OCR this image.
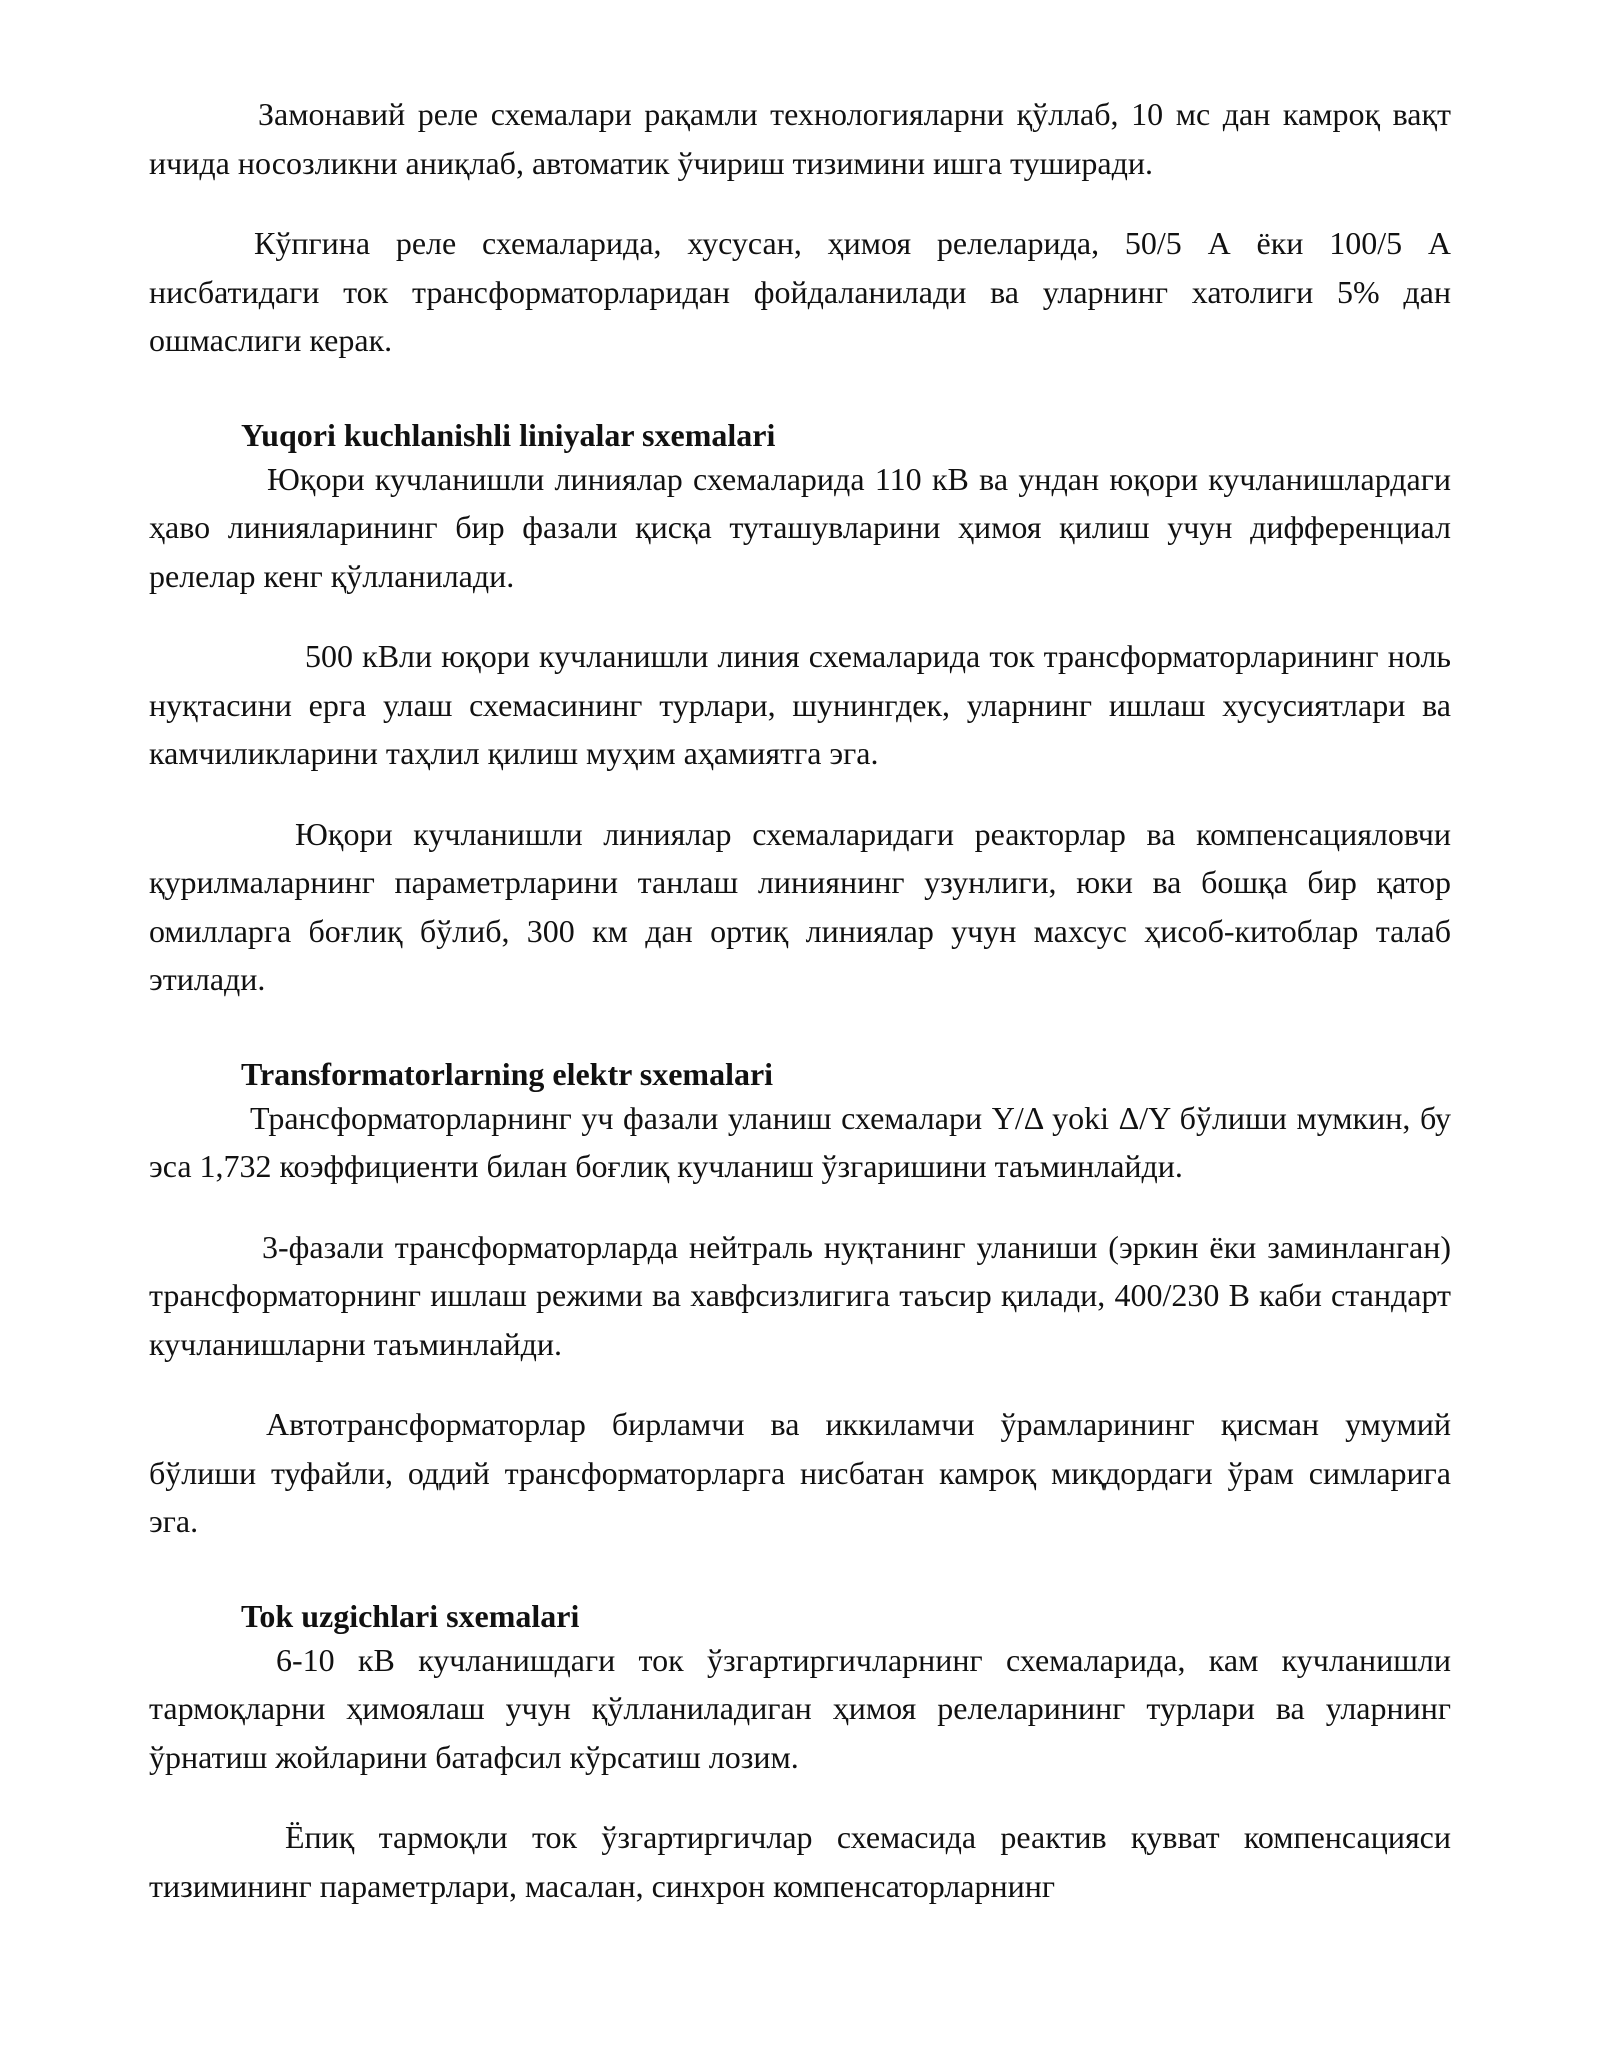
Замонавий реле схемалари рақамли технологияларни қўллаб, 10 мс дан камроқ вақт ичида носозликни аниқлаб, автоматик ўчириш тизимини ишга туширади.

Кўпгина реле схемаларида, хусусан, ҳимоя релеларида, 50/5 А ёки 100/5 А нисбатидаги ток трансформаторларидан фойдаланилади ва уларнинг хатолиги 5% дан ошмаслиги керак.

Yuqori kuchlanishli liniyalar sxemalari

Юқори кучланишли линиялар схемаларида 110 кВ ва ундан юқори кучланишлардаги ҳаво линияларининг бир фазали қисқа туташувларини ҳимоя қилиш учун дифференциал релелар кенг қўлланилади.

500 кВли юқори кучланишли линия схемаларида ток трансформаторларининг ноль нуқтасини ерга улаш схемасининг турлари, шунингдек, уларнинг ишлаш хусусиятлари ва камчиликларини таҳлил қилиш муҳим аҳамиятга эга.

Юқори кучланишли линиялар схемаларидаги реакторлар ва компенсацияловчи қурилмаларнинг параметрларини танлаш линиянинг узунлиги, юки ва бошқа бир қатор омилларга боғлиқ бўлиб, 300 км дан ортиқ линиялар учун махсус ҳисоб-китоблар талаб этилади.

Transformatorlarning elektr sxemalari

Трансформаторларнинг уч фазали уланиш схемалари Y/Δ yoki Δ/Y бўлиши мумкин, бу эса 1,732 коэффициенти билан боғлиқ кучланиш ўзгаришини таъминлайди.

3-фазали трансформаторларда нейтраль нуқтанинг уланиши (эркин ёки заминланган) трансформаторнинг ишлаш режими ва хавфсизлигига таъсир қилади, 400/230 В каби стандарт кучланишларни таъминлайди.

Автотрансформаторлар бирламчи ва иккиламчи ўрамларининг қисман умумий бўлиши туфайли, оддий трансформаторларга нисбатан камроқ миқдордаги ўрам симларига эга.

Tok uzgichlari sxemalari

6-10 кВ кучланишдаги ток ўзгартиргичларнинг схемаларида, кам кучланишли тармоқларни ҳимоялаш учун қўлланиладиган ҳимоя релеларининг турлари ва уларнинг ўрнатиш жойларини батафсил кўрсатиш лозим.

Ёпиқ тармоқли ток ўзгартиргичлар схемасида реактив қувват компенсацияси тизимининг параметрлари, масалан, синхрон компенсаторларнинг
